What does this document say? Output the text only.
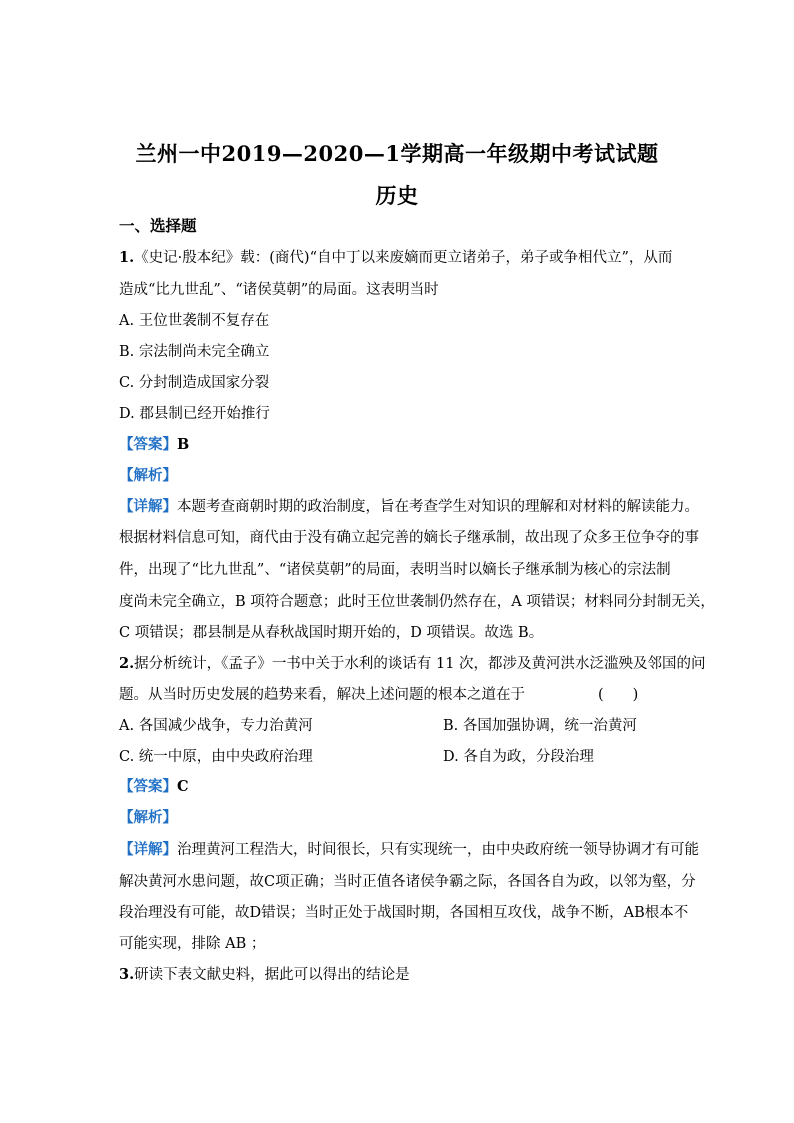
兰州一中2019—2020—1学期高一年级期中考试试题
历史
一、选择题
1.《史记·殷本纪》载：(商代)“自中丁以来废嫡而更立诸弟子，弟子或争相代立”，从而
造成“比九世乱”、“诸侯莫朝”的局面。这表明当时
A. 王位世袭制不复存在
B. 宗法制尚未完全确立
C. 分封制造成国家分裂
D. 郡县制已经开始推行
【答案】B
【解析】
【详解】本题考查商朝时期的政治制度，旨在考查学生对知识的理解和对材料的解读能力。
根据材料信息可知，商代由于没有确立起完善的嫡长子继承制，故出现了众多王位争夺的事
件，出现了“比九世乱”、“诸侯莫朝”的局面，表明当时以嫡长子继承制为核心的宗法制
度尚未完全确立，B 项符合题意；此时王位世袭制仍然存在，A 项错误；材料同分封制无关，
C 项错误；郡县制是从春秋战国时期开始的，D 项错误。故选 B。
2.据分析统计，《孟子》一书中关于水利的谈话有 11 次，都涉及黄河洪水泛滥殃及邻国的问
题。从当时历史发展的趋势来看，解决上述问题的根本之道在于	(　　)
A. 各国减少战争，专力治黄河	B. 各国加强协调，统一治黄河
C. 统一中原，由中央政府治理	D. 各自为政，分段治理
【答案】C
【解析】
【详解】治理黄河工程浩大，时间很长，只有实现统一，由中央政府统一领导协调才有可能
解决黄河水患问题，故C项正确；当时正值各诸侯争霸之际，各国各自为政，以邻为壑，分
段治理没有可能，故D错误；当时正处于战国时期，各国相互攻伐，战争不断，AB根本不
可能实现，排除 AB ；
3.研读下表文献史料，据此可以得出的结论是
